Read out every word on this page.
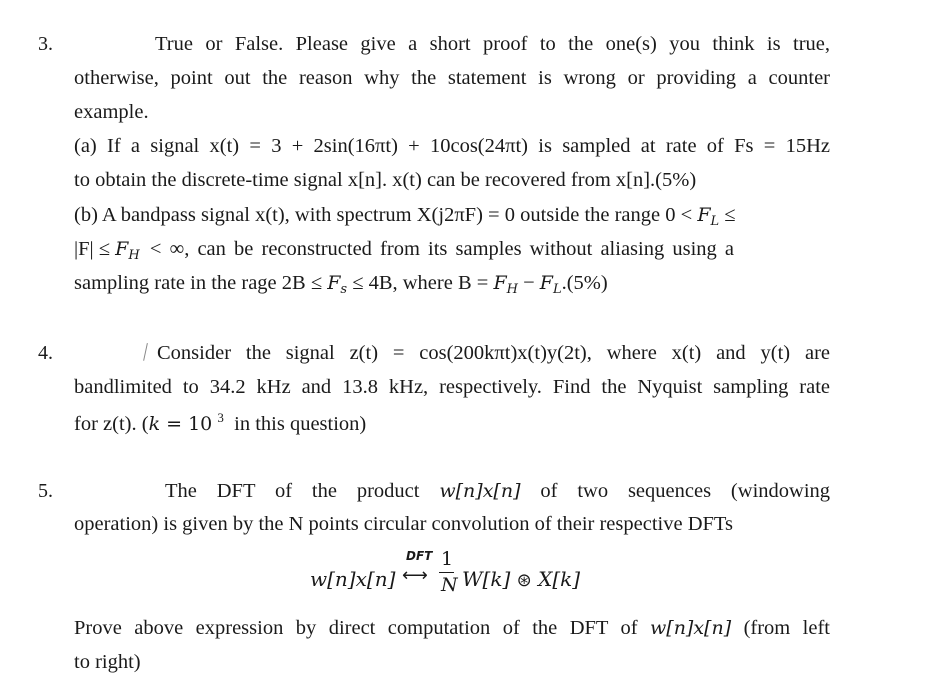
3.	True or False. Please give a short proof to the one(s) you think is true,
otherwise, point out the reason why the statement is wrong or providing a counter
example.
(a) If a signal x(t) = 3 + 2sin(16πt) + 10cos(24πt) is sampled at rate of Fs = 15Hz
to obtain the discrete-time signal x[n]. x(t) can be recovered from x[n].(5%)
(b) A bandpass signal x(t), with spectrum X(j2πF) = 0 outside the range $0 < F_L$ ≤
$|F| \le F_H$ < ∞, can be reconstructed from its samples without aliasing using a
sampling rate in the rage $2B \le F_s \le 4B$, where $B = F_H - F_L.(5\%)$
4.	Consider the signal z(t) = cos(200kπt)x(t)y(2t), where x(t) and y(t) are
bandlimited to 34.2 kHz and 13.8 kHz, respectively. Find the Nyquist sampling rate
for z(t). (k = 10 $^3$ in this question)
5.	The DFT of the product w[n]x[n] of two sequences (windowing
operation) is given by the N points circular convolution of their respective DFTs
w[n]x[n]
DFT
⟷
1
N W[k] ⊛ X[k]
Prove above expression by direct computation of the DFT of w[n]x[n] (from left
to right)
